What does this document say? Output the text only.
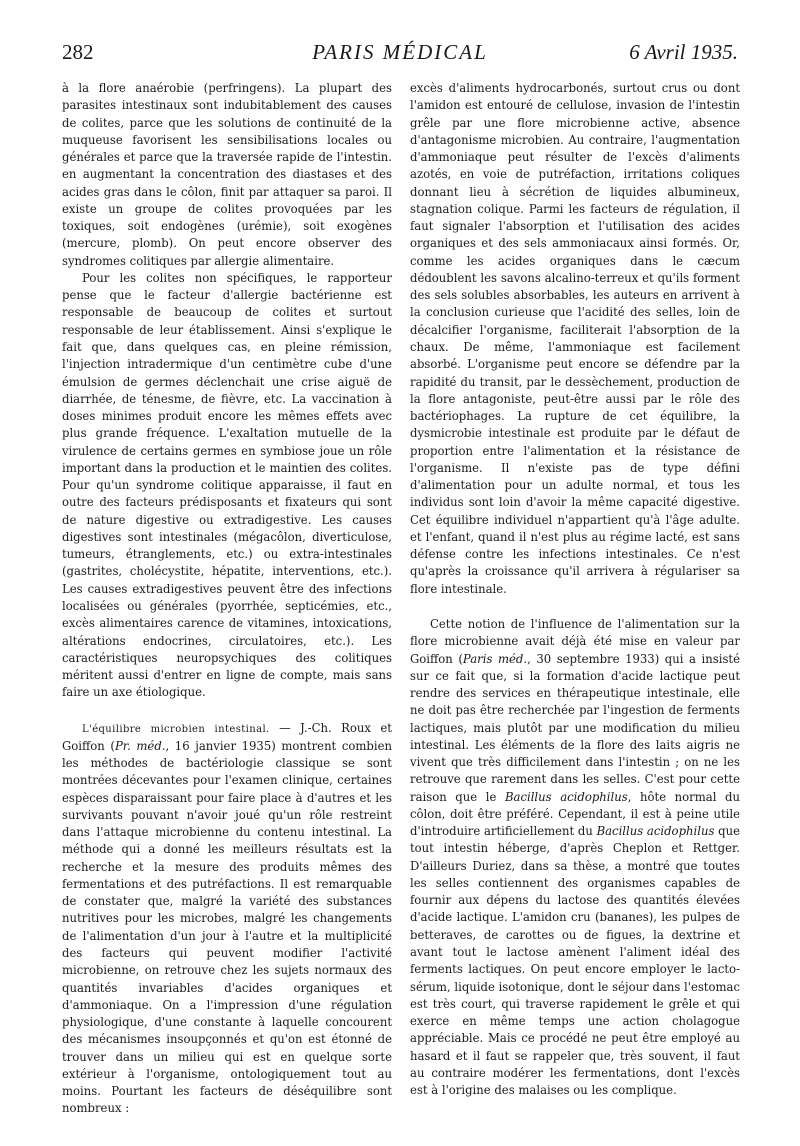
282	PARIS MÉDICAL	6 Avril 1935.

à la flore anaérobie (perfringens). La plupart des parasites intestinaux sont indubitablement des causes de colites, parce que les solutions de continuité de la muqueuse favorisent les sensibilisations locales ou générales et parce que la traversée rapide de l'intestin. en augmentant la concentration des diastases et des acides gras dans le côlon, finit par attaquer sa paroi. Il existe un groupe de colites provoquées par les toxiques, soit endogènes (urémie), soit exogènes (mercure, plomb). On peut encore observer des syndromes colitiques par allergie alimentaire.

Pour les colites non spécifiques, le rapporteur pense que le facteur d'allergie bactérienne est responsable de beaucoup de colites et surtout responsable de leur établissement. Ainsi s'explique le fait que, dans quelques cas, en pleine rémission, l'injection intradermique d'un centimètre cube d'une émulsion de germes déclenchait une crise aiguë de diarrhée, de ténesme, de fièvre, etc. La vaccination à doses minimes produit encore les mêmes effets avec plus grande fréquence. L'exaltation mutuelle de la virulence de certains germes en symbiose joue un rôle important dans la production et le maintien des colites. Pour qu'un syndrome colitique apparaisse, il faut en outre des facteurs prédisposants et fixateurs qui sont de nature digestive ou extradigestive. Les causes digestives sont intestinales (mégacôlon, diverticulose, tumeurs, étranglements, etc.) ou extra-intestinales (gastrites, cholécystite, hépatite, interventions, etc.). Les causes extradigestives peuvent être des infections localisées ou générales (pyorrhée, septicémies, etc., excès alimentaires carence de vitamines, intoxications, altérations endocrines, circulatoires, etc.). Les caractéristiques neuropsychiques des colitiques méritent aussi d'entrer en ligne de compte, mais sans faire un axe étiologique.

L'équilibre microbien intestinal. — J.-Ch. Roux et Goiffon (Pr. méd., 16 janvier 1935) montrent combien les méthodes de bactériologie classique se sont montrées décevantes pour l'examen clinique, certaines espèces disparaissant pour faire place à d'autres et les survivants pouvant n'avoir joué qu'un rôle restreint dans l'attaque microbienne du contenu intestinal. La méthode qui a donné les meilleurs résultats est la recherche et la mesure des produits mêmes des fermentations et des putréfactions. Il est remarquable de constater que, malgré la variété des substances nutritives pour les microbes, malgré les changements de l'alimentation d'un jour à l'autre et la multiplicité des facteurs qui peuvent modifier l'activité microbienne, on retrouve chez les sujets normaux des quantités invariables d'acides organiques et d'ammoniaque. On a l'impression d'une régulation physiologique, d'une constante à laquelle concourent des mécanismes insoupçonnés et qu'on est étonné de trouver dans un milieu qui est en quelque sorte extérieur à l'organisme, ontologiquement tout au moins. Pourtant les facteurs de déséquilibre sont nombreux :

excès d'aliments hydrocarbonés, surtout crus ou dont l'amidon est entouré de cellulose, invasion de l'intestin grêle par une flore microbienne active, absence d'antagonisme microbien. Au contraire, l'augmentation d'ammoniaque peut résulter de l'excès d'aliments azotés, en voie de putréfaction, irritations coliques donnant lieu à sécrétion de liquides albumineux, stagnation colique. Parmi les facteurs de régulation, il faut signaler l'absorption et l'utilisation des acides organiques et des sels ammoniacaux ainsi formés. Or, comme les acides organiques dans le cæcum dédoublent les savons alcalino-terreux et qu'ils forment des sels solubles absorbables, les auteurs en arrivent à la conclusion curieuse que l'acidité des selles, loin de décalcifier l'organisme, faciliterait l'absorption de la chaux. De même, l'ammoniaque est facilement absorbé. L'organisme peut encore se défendre par la rapidité du transit, par le dessèchement, production de la flore antagoniste, peut-être aussi par le rôle des bactériophages. La rupture de cet équilibre, la dysmicrobie intestinale est produite par le défaut de proportion entre l'alimentation et la résistance de l'organisme. Il n'existe pas de type défini d'alimentation pour un adulte normal, et tous les individus sont loin d'avoir la même capacité digestive. Cet équilibre individuel n'appartient qu'à l'âge adulte. et l'enfant, quand il n'est plus au régime lacté, est sans défense contre les infections intestinales. Ce n'est qu'après la croissance qu'il arrivera à régulariser sa flore intestinale.

Cette notion de l'influence de l'alimentation sur la flore microbienne avait déjà été mise en valeur par Goiffon (Paris méd., 30 septembre 1933) qui a insisté sur ce fait que, si la formation d'acide lactique peut rendre des services en thérapeutique intestinale, elle ne doit pas être recherchée par l'ingestion de ferments lactiques, mais plutôt par une modification du milieu intestinal. Les éléments de la flore des laits aigris ne vivent que très difficilement dans l'intestin ; on ne les retrouve que rarement dans les selles. C'est pour cette raison que le Bacillus acidophilus, hôte normal du côlon, doit être préféré. Cependant, il est à peine utile d'introduire artificiellement du Bacillus acidophilus que tout intestin héberge, d'après Cheplon et Rettger. D'ailleurs Duriez, dans sa thèse, a montré que toutes les selles contiennent des organismes capables de fournir aux dépens du lactose des quantités élevées d'acide lactique. L'amidon cru (bananes), les pulpes de betteraves, de carottes ou de figues, la dextrine et avant tout le lactose amènent l'aliment idéal des ferments lactiques. On peut encore employer le lacto-sérum, liquide isotonique, dont le séjour dans l'estomac est très court, qui traverse rapidement le grêle et qui exerce en même temps une action cholagogue appréciable. Mais ce procédé ne peut être employé au hasard et il faut se rappeler que, très souvent, il faut au contraire modérer les fermentations, dont l'excès est à l'origine des malaises ou les complique.
